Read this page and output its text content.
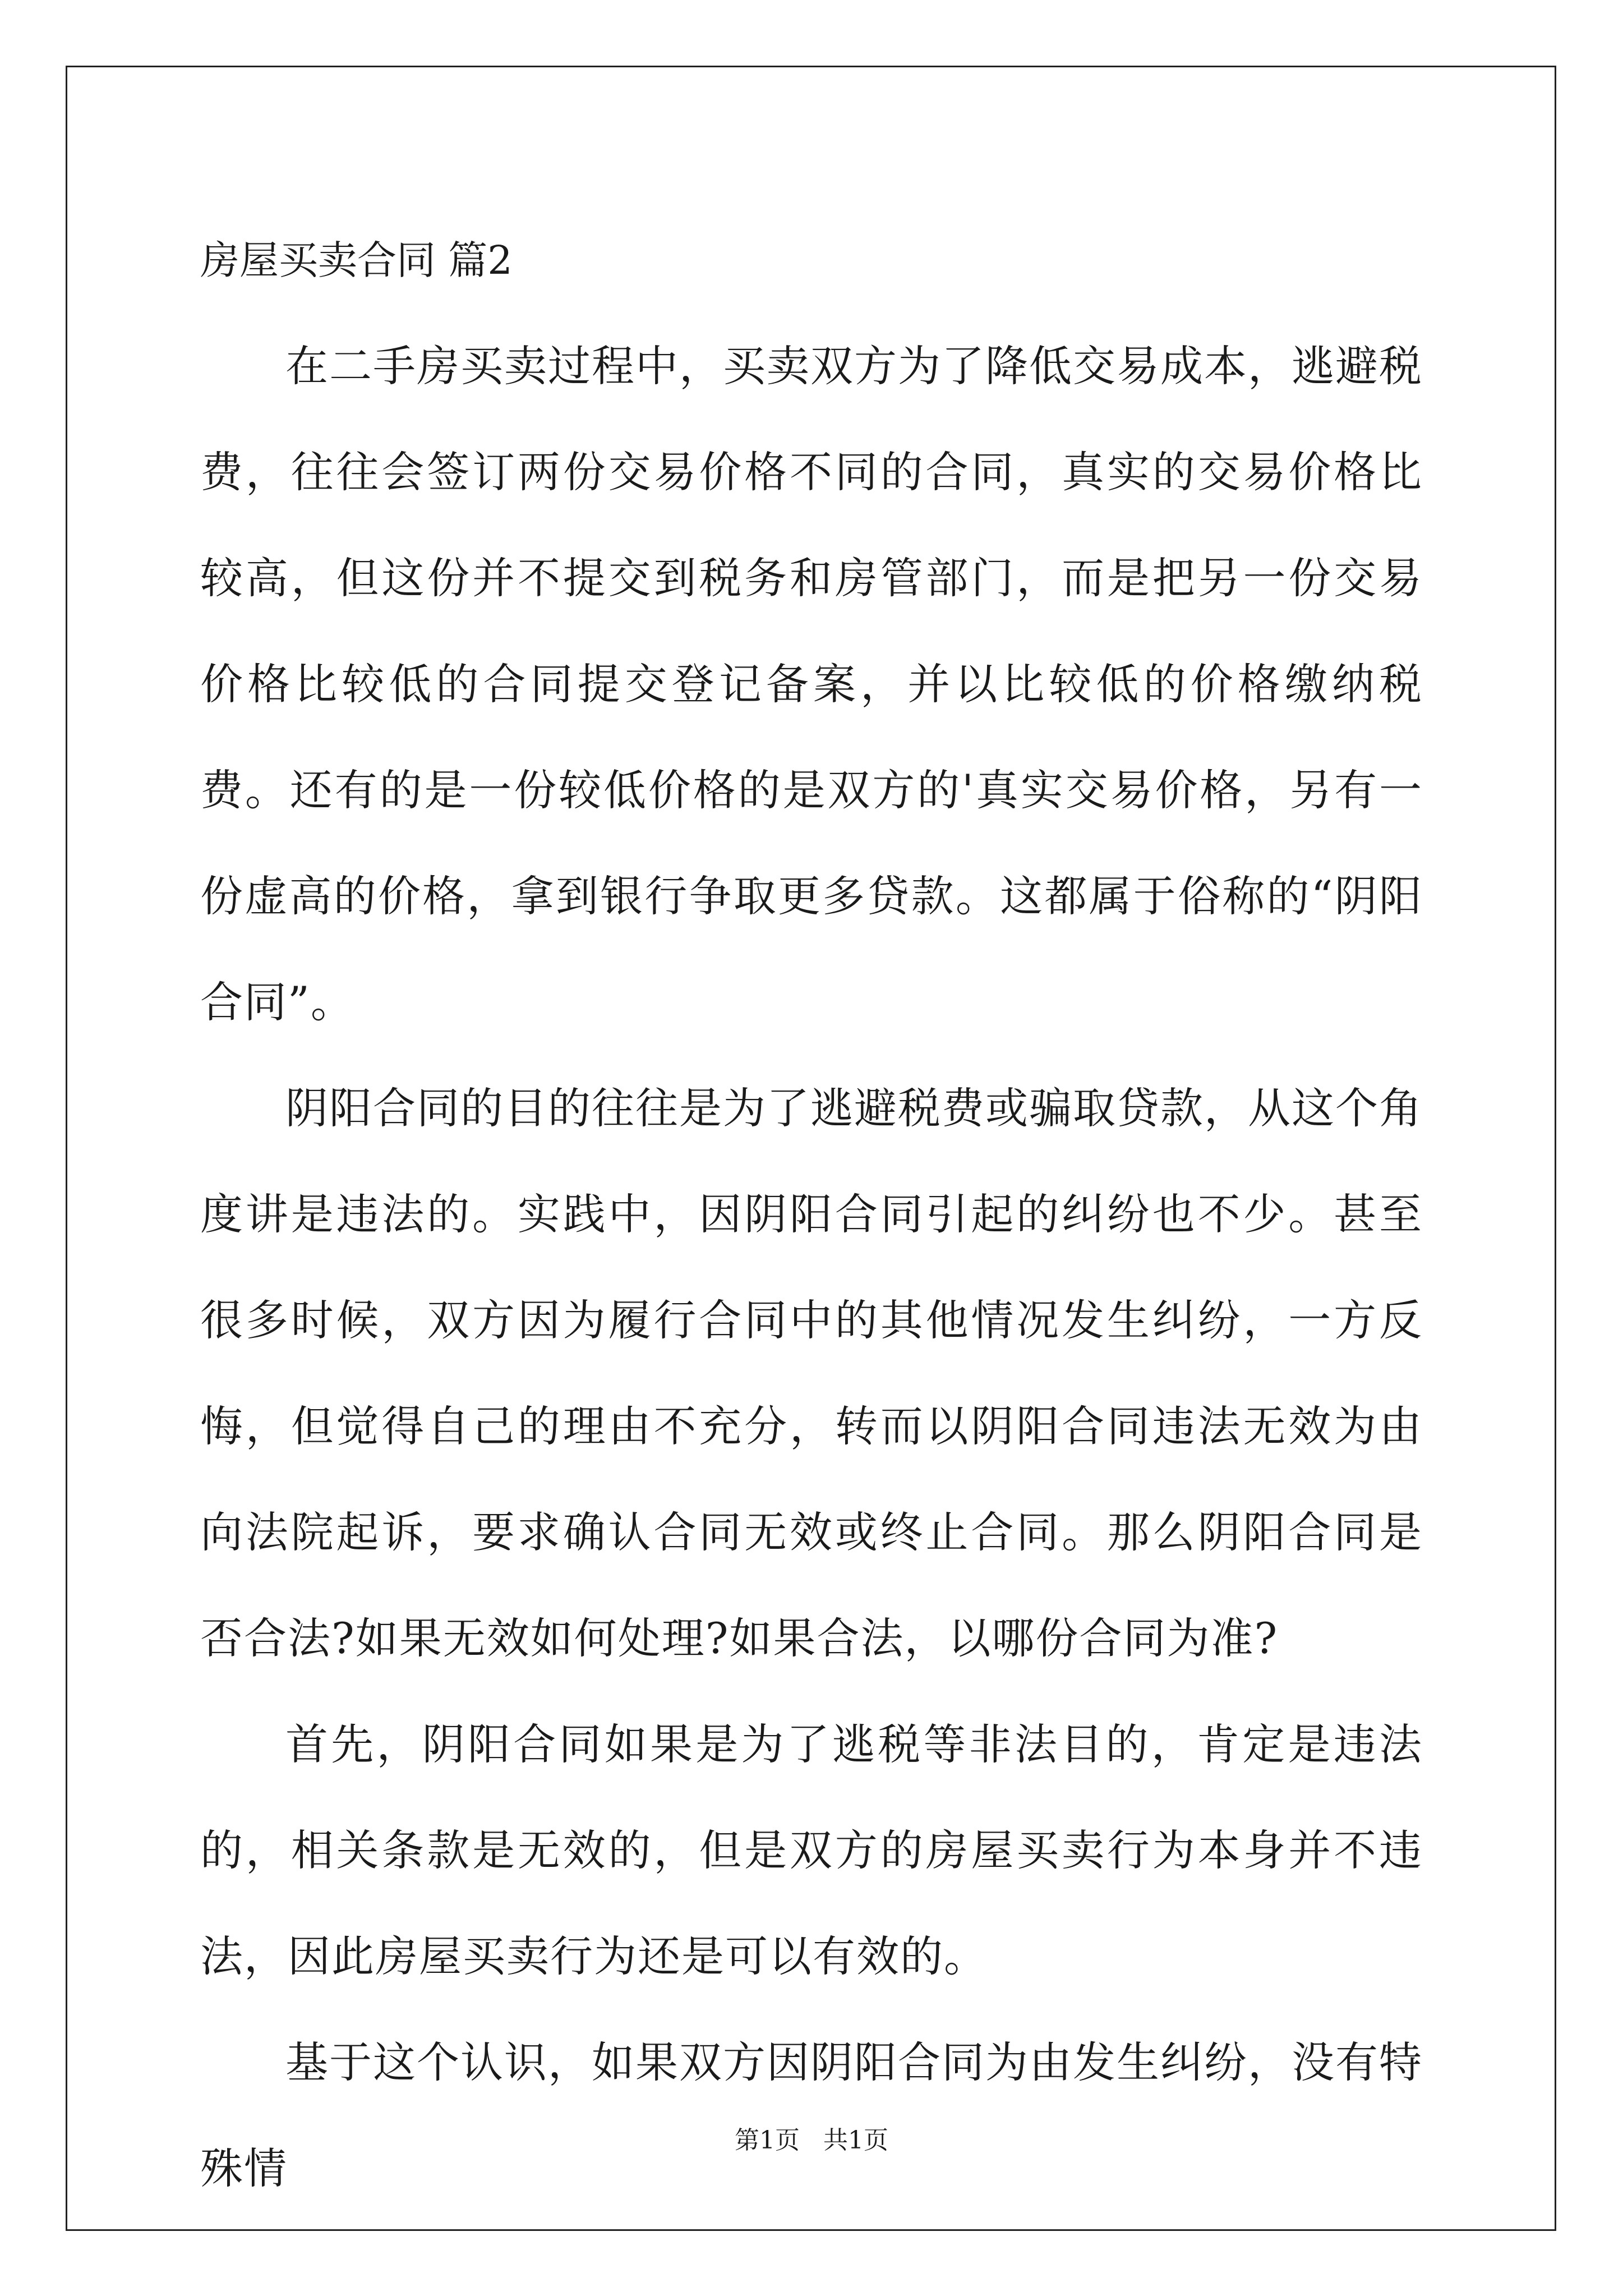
房屋买卖合同 篇2

在二手房买卖过程中，买卖双方为了降低交易成本，逃避税费，往往会签订两份交易价格不同的合同，真实的交易价格比较高，但这份并不提交到税务和房管部门，而是把另一份交易价格比较低的合同提交登记备案，并以比较低的价格缴纳税费。还有的是一份较低价格的是双方的'真实交易价格，另有一份虚高的价格，拿到银行争取更多贷款。这都属于俗称的“阴阳合同”。

阴阳合同的目的往往是为了逃避税费或骗取贷款，从这个角度讲是违法的。实践中，因阴阳合同引起的纠纷也不少。甚至很多时候，双方因为履行合同中的其他情况发生纠纷，一方反悔，但觉得自己的理由不充分，转而以阴阳合同违法无效为由向法院起诉，要求确认合同无效或终止合同。那么阴阳合同是否合法?如果无效如何处理?如果合法，以哪份合同为准?

首先，阴阳合同如果是为了逃税等非法目的，肯定是违法的，相关条款是无效的，但是双方的房屋买卖行为本身并不违法，因此房屋买卖行为还是可以有效的。

基于这个认识，如果双方因阴阳合同为由发生纠纷，没有特殊情

第1页   共1页
